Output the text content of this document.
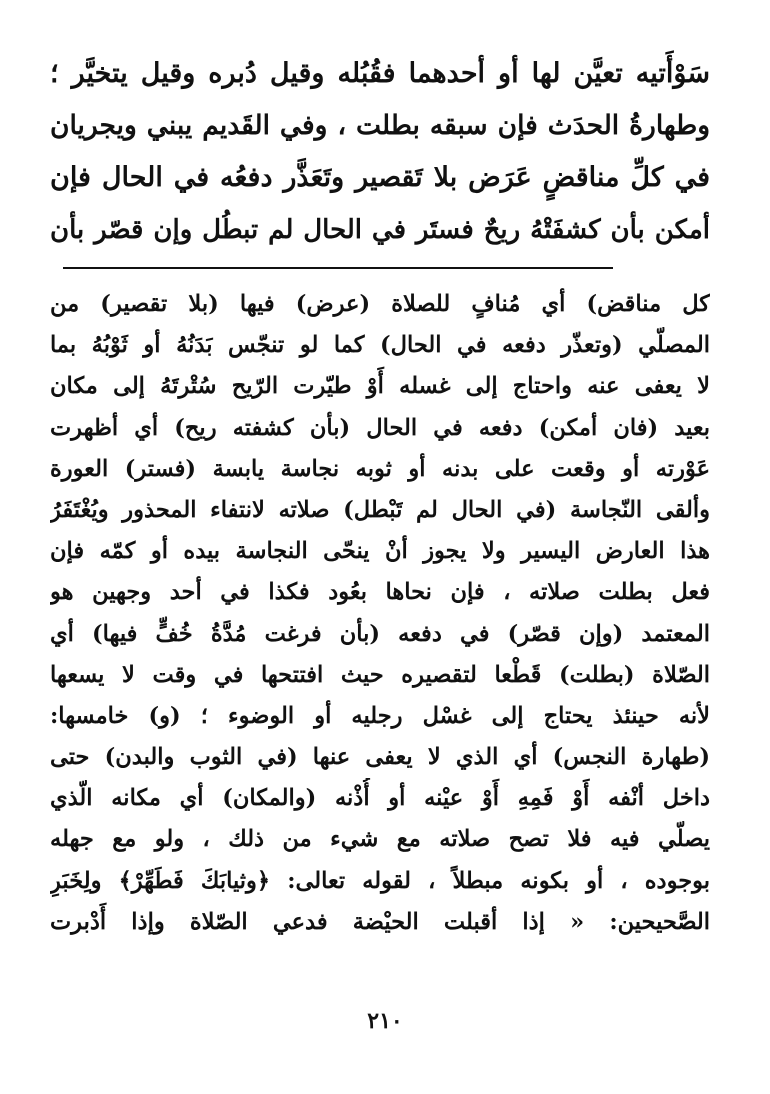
سَوْأَتيه تعيَّن لها أو أحدهما فقُبُله وقيل دُبره وقيل يتخيَّر ؛
وطهارةُ الحدَث فإن سبقه بطلت ، وفي القَديم يبني ويجريان
في كلِّ مناقضٍ عَرَض بلا تَقصير وتَعَذَّر دفعُه في الحال فإن
أمكن بأن كشفَتْهُ ريحٌ فستَر في الحال لم تبطُل وإن قصّر بأن
كل مناقض) أي مُنافٍ للصلاة (عرض) فيها (بلا تقصير) من
المصلّي (وتعذّر دفعه في الحال) كما لو تنجّس بَدَنُهُ أو ثَوْبُهُ بما
لا يعفى عنه واحتاج إلى غسله أَوْ طيّرت الرّيح سُتْرتَهُ إلى مكان
بعيد (فان أمكن) دفعه في الحال (بأن كشفته ريح) أي أظهرت
عَوْرته أو وقعت على بدنه أو ثوبه نجاسة يابسة (فستر) العورة
وألقى النّجاسة (في الحال لم تَبْطل) صلاته لانتفاء المحذور ويُغْتَفَرُ
هذا العارض اليسير ولا يجوز أنْ ينحّى النجاسة بيده أو كمّه فإن
فعل بطلت صلاته ، فإن نحاها بعُود فكذا في أحد وجهين هو
المعتمد (وإن قصّر) في دفعه (بأن فرغت مُدَّةُ خُفٍّ فيها) أي
الصّلاة (بطلت) قَطْعا لتقصيره حيث افتتحها في وقت لا يسعها
لأنه حينئذ يحتاج إلى غسْل رجليه أو الوضوء ؛ (و) خامسها:
(طهارة النجس) أي الذي لا يعفى عنها (في الثوب والبدن) حتى
داخل أنْفه أَوْ فَمِهِ أَوْ عيْنه أو أُذْنه (والمكان) أي مكانه الّذي
يصلّي فيه فلا تصح صلاته مع شيء من ذلك ، ولو مع جهله
بوجوده ، أو بكونه مبطلاً ، لقوله تعالى: ﴿وثيابَكَ فَطَهِّرْ﴾ ولِخَبَرِ
الصَّحيحين: « إذا أقبلت الحيْضة فدعي الصّلاة وإذا أَدْبرت
٢١٠
